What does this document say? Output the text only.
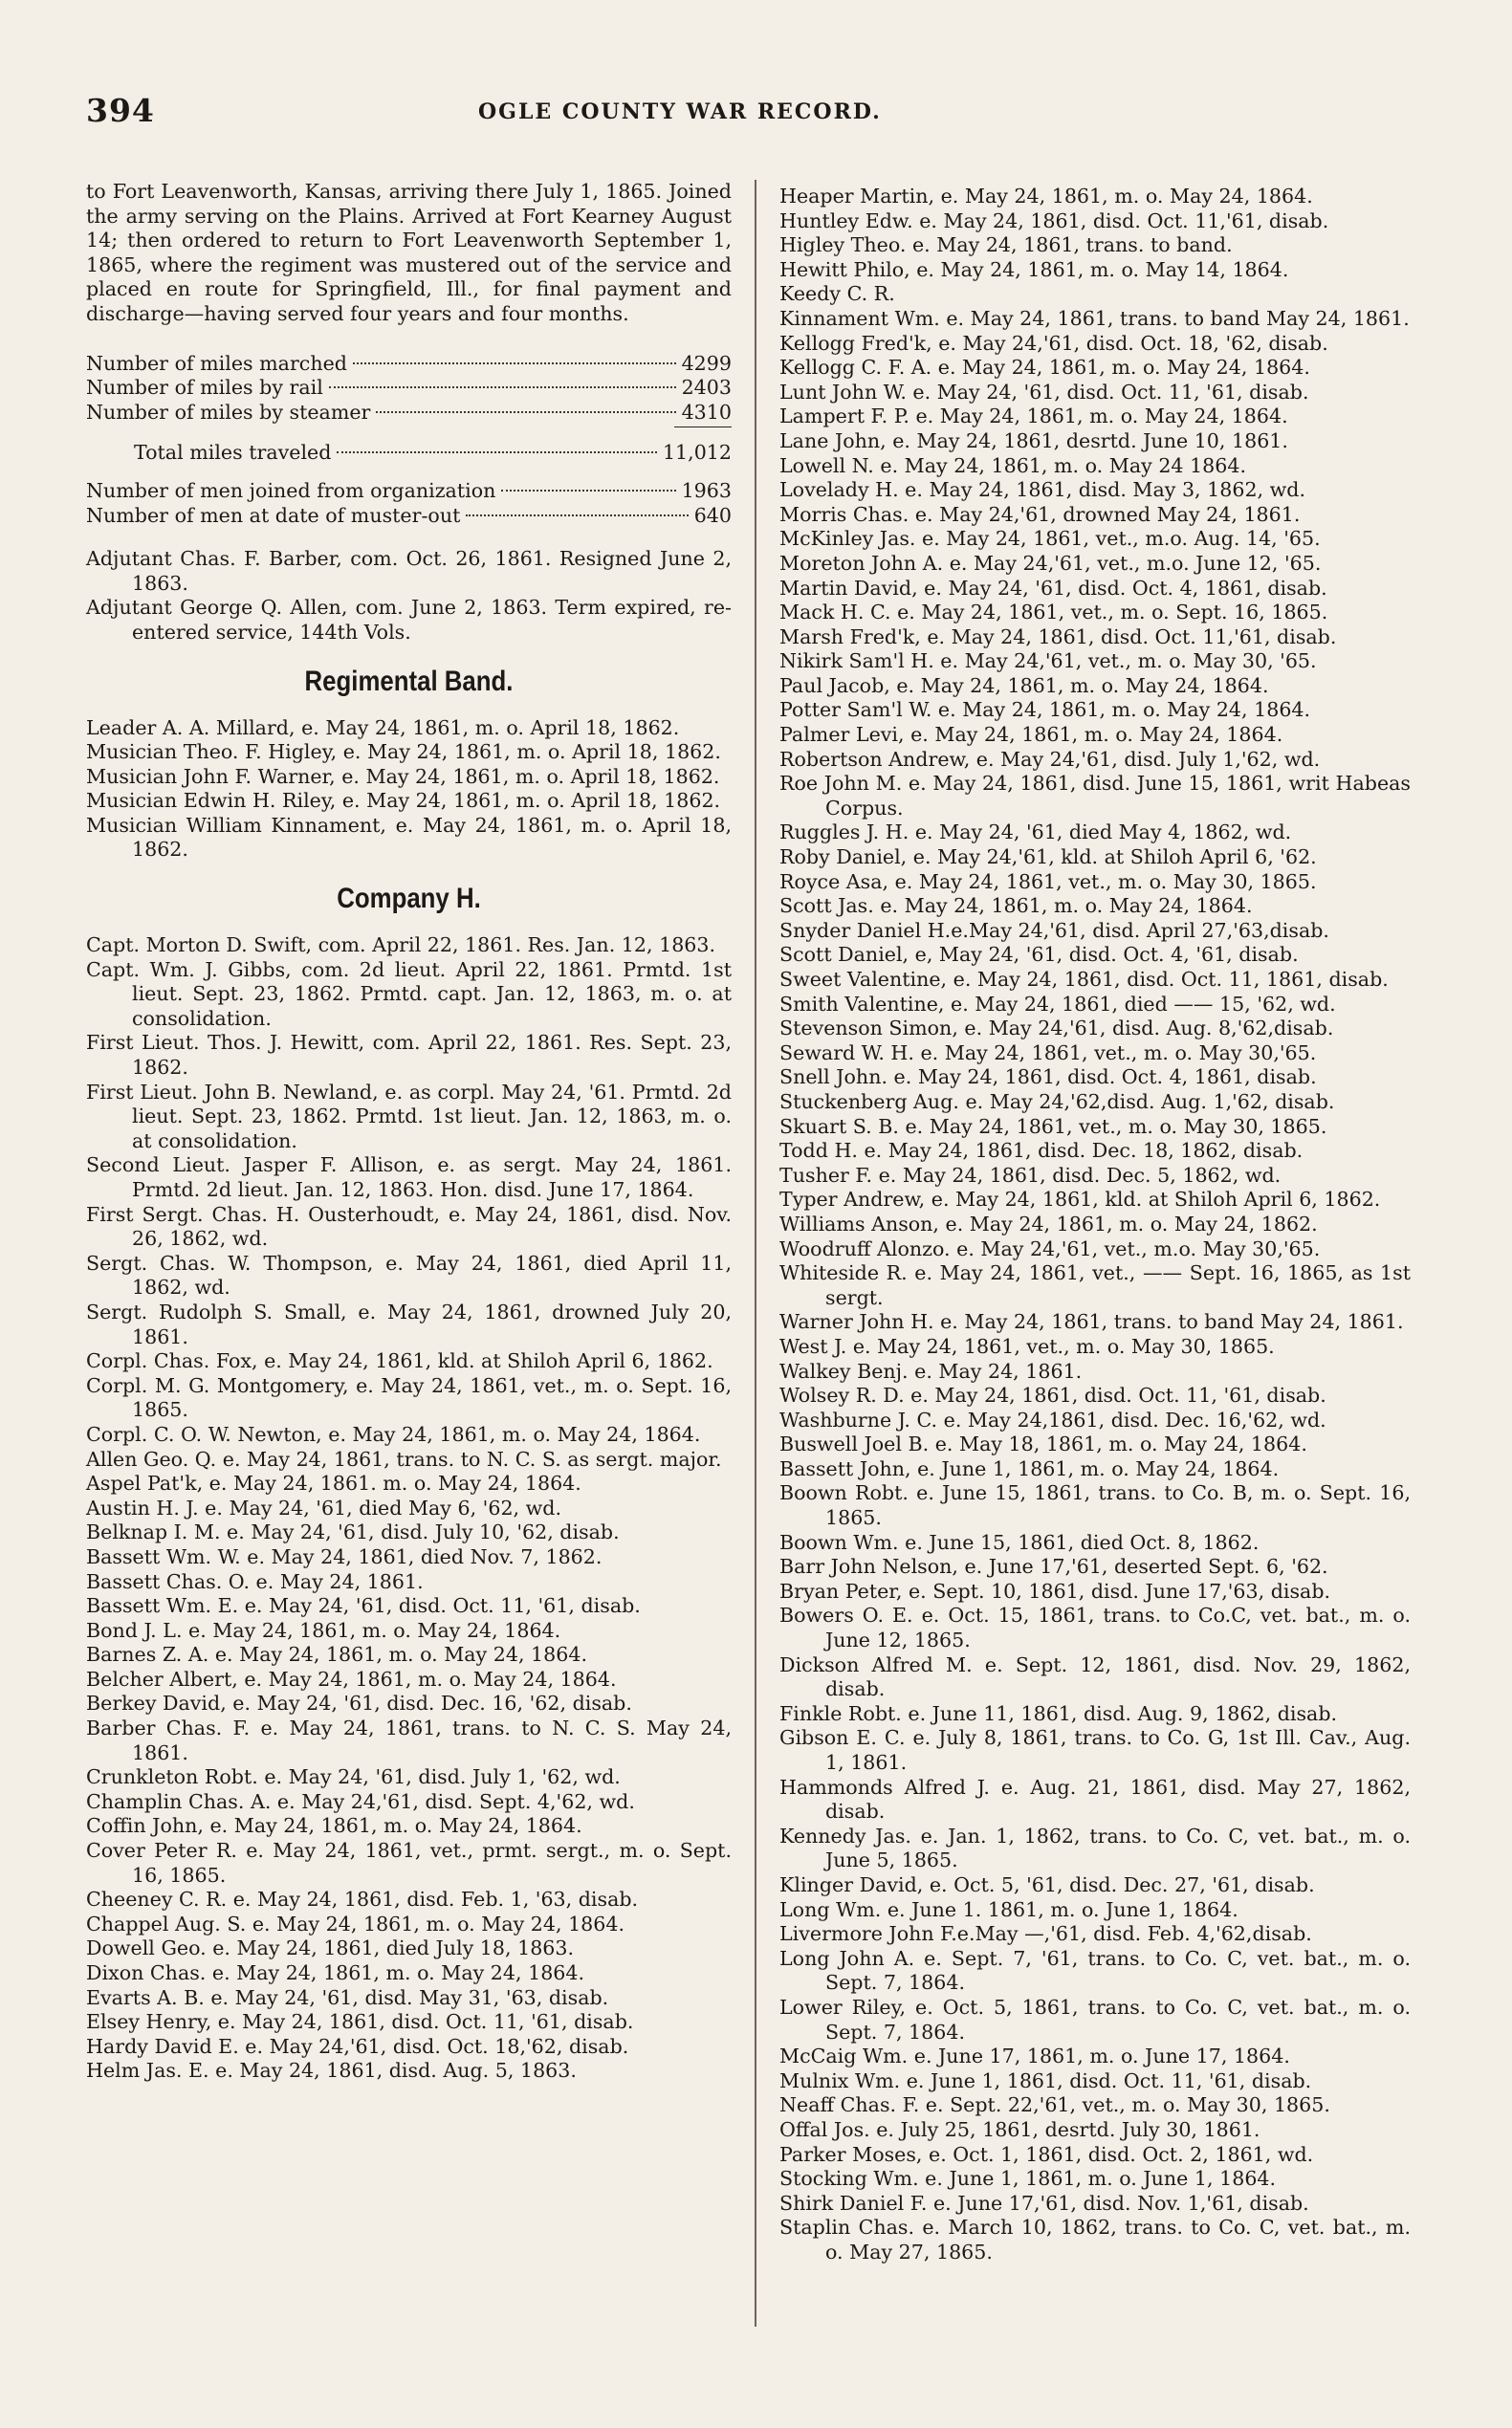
394	OGLE COUNTY WAR RECORD.

to Fort Leavenworth, Kansas, arriving there July 1, 1865. Joined the army serving on the Plains. Arrived at Fort Kearney August 14; then ordered to return to Fort Leavenworth September 1, 1865, where the regiment was mustered out of the service and placed en route for Springfield, Ill., for final payment and discharge—having served four years and four months.

Number of miles marched	4299
Number of miles by rail	2403
Number of miles by steamer	4310
Total miles traveled	11,012
Number of men joined from organization	1963
Number of men at date of muster-out	640

Adjutant Chas. F. Barber, com. Oct. 26, 1861. Resigned June 2, 1863.

Adjutant George Q. Allen, com. June 2, 1863. Term expired, re-entered service, 144th Vols.

Regimental Band.

Leader A. A. Millard, e. May 24, 1861, m. o. April 18, 1862.

Musician Theo. F. Higley, e. May 24, 1861, m. o. April 18, 1862.

Musician John F. Warner, e. May 24, 1861, m. o. April 18, 1862.

Musician Edwin H. Riley, e. May 24, 1861, m. o. April 18, 1862.

Musician William Kinnament, e. May 24, 1861, m. o. April 18, 1862.

Company H.

Capt. Morton D. Swift, com. April 22, 1861. Res. Jan. 12, 1863.

Capt. Wm. J. Gibbs, com. 2d lieut. April 22, 1861. Prmtd. 1st lieut. Sept. 23, 1862. Prmtd. capt. Jan. 12, 1863, m. o. at consolidation.

First Lieut. Thos. J. Hewitt, com. April 22, 1861. Res. Sept. 23, 1862.

First Lieut. John B. Newland, e. as corpl. May 24, '61. Prmtd. 2d lieut. Sept. 23, 1862. Prmtd. 1st lieut. Jan. 12, 1863, m. o. at consolidation.

Second Lieut. Jasper F. Allison, e. as sergt. May 24, 1861. Prmtd. 2d lieut. Jan. 12, 1863. Hon. disd. June 17, 1864.

First Sergt. Chas. H. Ousterhoudt, e. May 24, 1861, disd. Nov. 26, 1862, wd.

Sergt. Chas. W. Thompson, e. May 24, 1861, died April 11, 1862, wd.

Sergt. Rudolph S. Small, e. May 24, 1861, drowned July 20, 1861.

Corpl. Chas. Fox, e. May 24, 1861, kld. at Shiloh April 6, 1862.

Corpl. M. G. Montgomery, e. May 24, 1861, vet., m. o. Sept. 16, 1865.

Corpl. C. O. W. Newton, e. May 24, 1861, m. o. May 24, 1864.

Allen Geo. Q. e. May 24, 1861, trans. to N. C. S. as sergt. major.

Aspel Pat'k, e. May 24, 1861. m. o. May 24, 1864.

Austin H. J. e. May 24, '61, died May 6, '62, wd.

Belknap I. M. e. May 24, '61, disd. July 10, '62, disab.

Bassett Wm. W. e. May 24, 1861, died Nov. 7, 1862.

Bassett Chas. O. e. May 24, 1861.

Bassett Wm. E. e. May 24, '61, disd. Oct. 11, '61, disab.

Bond J. L. e. May 24, 1861, m. o. May 24, 1864.

Barnes Z. A. e. May 24, 1861, m. o. May 24, 1864.

Belcher Albert, e. May 24, 1861, m. o. May 24, 1864.

Berkey David, e. May 24, '61, disd. Dec. 16, '62, disab.

Barber Chas. F. e. May 24, 1861, trans. to N. C. S. May 24, 1861.

Crunkleton Robt. e. May 24, '61, disd. July 1, '62, wd.

Champlin Chas. A. e. May 24,'61, disd. Sept. 4,'62, wd.

Coffin John, e. May 24, 1861, m. o. May 24, 1864.

Cover Peter R. e. May 24, 1861, vet., prmt. sergt., m. o. Sept. 16, 1865.

Cheeney C. R. e. May 24, 1861, disd. Feb. 1, '63, disab.

Chappel Aug. S. e. May 24, 1861, m. o. May 24, 1864.

Dowell Geo. e. May 24, 1861, died July 18, 1863.

Dixon Chas. e. May 24, 1861, m. o. May 24, 1864.

Evarts A. B. e. May 24, '61, disd. May 31, '63, disab.

Elsey Henry, e. May 24, 1861, disd. Oct. 11, '61, disab.

Hardy David E. e. May 24,'61, disd. Oct. 18,'62, disab.

Helm Jas. E. e. May 24, 1861, disd. Aug. 5, 1863.

Heaper Martin, e. May 24, 1861, m. o. May 24, 1864.

Huntley Edw. e. May 24, 1861, disd. Oct. 11,'61, disab.

Higley Theo. e. May 24, 1861, trans. to band.

Hewitt Philo, e. May 24, 1861, m. o. May 14, 1864.

Keedy C. R.

Kinnament Wm. e. May 24, 1861, trans. to band May 24, 1861.

Kellogg Fred'k, e. May 24,'61, disd. Oct. 18, '62, disab.

Kellogg C. F. A. e. May 24, 1861, m. o. May 24, 1864.

Lunt John W. e. May 24, '61, disd. Oct. 11, '61, disab.

Lampert F. P. e. May 24, 1861, m. o. May 24, 1864.

Lane John, e. May 24, 1861, desrtd. June 10, 1861.

Lowell N. e. May 24, 1861, m. o. May 24 1864.

Lovelady H. e. May 24, 1861, disd. May 3, 1862, wd.

Morris Chas. e. May 24,'61, drowned May 24, 1861.

McKinley Jas. e. May 24, 1861, vet., m.o. Aug. 14, '65.

Moreton John A. e. May 24,'61, vet., m.o. June 12, '65.

Martin David, e. May 24, '61, disd. Oct. 4, 1861, disab.

Mack H. C. e. May 24, 1861, vet., m. o. Sept. 16, 1865.

Marsh Fred'k, e. May 24, 1861, disd. Oct. 11,'61, disab.

Nikirk Sam'l H. e. May 24,'61, vet., m. o. May 30, '65.

Paul Jacob, e. May 24, 1861, m. o. May 24, 1864.

Potter Sam'l W. e. May 24, 1861, m. o. May 24, 1864.

Palmer Levi, e. May 24, 1861, m. o. May 24, 1864.

Robertson Andrew, e. May 24,'61, disd. July 1,'62, wd.

Roe John M. e. May 24, 1861, disd. June 15, 1861, writ Habeas Corpus.

Ruggles J. H. e. May 24, '61, died May 4, 1862, wd.

Roby Daniel, e. May 24,'61, kld. at Shiloh April 6, '62.

Royce Asa, e. May 24, 1861, vet., m. o. May 30, 1865.

Scott Jas. e. May 24, 1861, m. o. May 24, 1864.

Snyder Daniel H.e.May 24,'61, disd. April 27,'63,disab.

Scott Daniel, e, May 24, '61, disd. Oct. 4, '61, disab.

Sweet Valentine, e. May 24, 1861, disd. Oct. 11, 1861, disab.

Smith Valentine, e. May 24, 1861, died —— 15, '62, wd.

Stevenson Simon, e. May 24,'61, disd. Aug. 8,'62,disab.

Seward W. H. e. May 24, 1861, vet., m. o. May 30,'65.

Snell John. e. May 24, 1861, disd. Oct. 4, 1861, disab.

Stuckenberg Aug. e. May 24,'62,disd. Aug. 1,'62, disab.

Skuart S. B. e. May 24, 1861, vet., m. o. May 30, 1865.

Todd H. e. May 24, 1861, disd. Dec. 18, 1862, disab.

Tusher F. e. May 24, 1861, disd. Dec. 5, 1862, wd.

Typer Andrew, e. May 24, 1861, kld. at Shiloh April 6, 1862.

Williams Anson, e. May 24, 1861, m. o. May 24, 1862.

Woodruff Alonzo. e. May 24,'61, vet., m.o. May 30,'65.

Whiteside R. e. May 24, 1861, vet., —— Sept. 16, 1865, as 1st sergt.

Warner John H. e. May 24, 1861, trans. to band May 24, 1861.

West J. e. May 24, 1861, vet., m. o. May 30, 1865.

Walkey Benj. e. May 24, 1861.

Wolsey R. D. e. May 24, 1861, disd. Oct. 11, '61, disab.

Washburne J. C. e. May 24,1861, disd. Dec. 16,'62, wd.

Buswell Joel B. e. May 18, 1861, m. o. May 24, 1864.

Bassett John, e. June 1, 1861, m. o. May 24, 1864.

Boown Robt. e. June 15, 1861, trans. to Co. B, m. o. Sept. 16, 1865.

Boown Wm. e. June 15, 1861, died Oct. 8, 1862.

Barr John Nelson, e. June 17,'61, deserted Sept. 6, '62.

Bryan Peter, e. Sept. 10, 1861, disd. June 17,'63, disab.

Bowers O. E. e. Oct. 15, 1861, trans. to Co.C, vet. bat., m. o. June 12, 1865.

Dickson Alfred M. e. Sept. 12, 1861, disd. Nov. 29, 1862, disab.

Finkle Robt. e. June 11, 1861, disd. Aug. 9, 1862, disab.

Gibson E. C. e. July 8, 1861, trans. to Co. G, 1st Ill. Cav., Aug. 1, 1861.

Hammonds Alfred J. e. Aug. 21, 1861, disd. May 27, 1862, disab.

Kennedy Jas. e. Jan. 1, 1862, trans. to Co. C, vet. bat., m. o. June 5, 1865.

Klinger David, e. Oct. 5, '61, disd. Dec. 27, '61, disab.

Long Wm. e. June 1. 1861, m. o. June 1, 1864.

Livermore John F.e.May —,'61, disd. Feb. 4,'62,disab.

Long John A. e. Sept. 7, '61, trans. to Co. C, vet. bat., m. o. Sept. 7, 1864.

Lower Riley, e. Oct. 5, 1861, trans. to Co. C, vet. bat., m. o. Sept. 7, 1864.

McCaig Wm. e. June 17, 1861, m. o. June 17, 1864.

Mulnix Wm. e. June 1, 1861, disd. Oct. 11, '61, disab.

Neaff Chas. F. e. Sept. 22,'61, vet., m. o. May 30, 1865.

Offal Jos. e. July 25, 1861, desrtd. July 30, 1861.

Parker Moses, e. Oct. 1, 1861, disd. Oct. 2, 1861, wd.

Stocking Wm. e. June 1, 1861, m. o. June 1, 1864.

Shirk Daniel F. e. June 17,'61, disd. Nov. 1,'61, disab.

Staplin Chas. e. March 10, 1862, trans. to Co. C, vet. bat., m. o. May 27, 1865.
